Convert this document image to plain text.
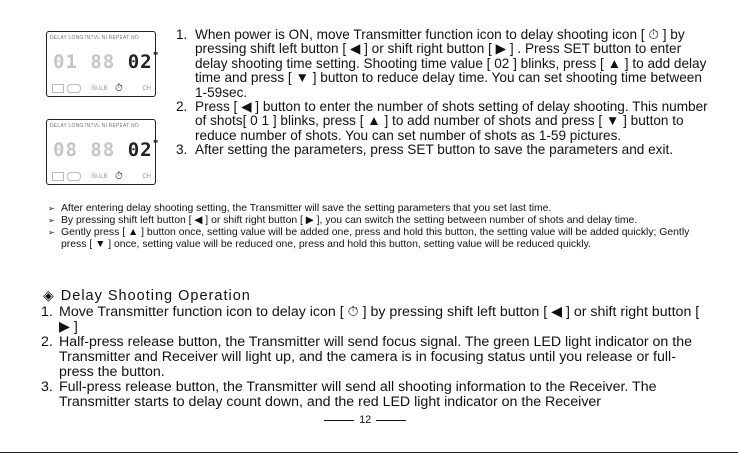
DELAY LONG INTVL NI REPEAT NO
01 88 02"
BULB ⏱	CH
DELAY LONG INTVL NI REPEAT NO
08 88 02"
BULB ⏱	CH
1. When power is ON, move Transmitter function icon to delay shooting icon [ ⏱ ] by pressing shift left button [ ◀ ] or shift right button [ ▶ ] . Press SET button to enter delay shooting time setting. Shooting time value [ 02 ] blinks, press [ ▲ ] to add delay time and press [ ▼ ] button to reduce delay time. You can set shooting time between 1-59sec.
2. Press [ ◀ ] button to enter the number of shots setting of delay shooting. This number of shots[ 0 1 ] blinks, press [ ▲ ] to add number of shots and press [ ▼ ] button to reduce number of shots. You can set number of shots as 1-59 pictures.
3. After setting the parameters, press SET button to save the parameters and exit.
➢ After entering delay shooting setting, the Transmitter will save the setting parameters that you set last time.
➢ By pressing shift left button [ ◀ ] or shift right button [ ▶ ], you can switch the setting between number of shots and delay time.
➢ Gently press [ ▲ ] button once, setting value will be added one, press and hold this button, the setting value will be added quickly; Gently press [ ▼ ] once, setting value will be reduced one, press and hold this button, setting value will be reduced quickly.
◈ Delay Shooting Operation
1. Move Transmitter function icon to delay icon [ ⏱ ] by pressing shift left button [ ◀ ] or shift right button [ ▶ ]
2. Half-press release button, the Transmitter will send focus signal. The green LED light indicator on the Transmitter and Receiver will light up, and the camera is in focusing status until you release or full-press the button.
3. Full-press release button, the Transmitter will send all shooting information to the Receiver. The Transmitter starts to delay count down, and the red LED light indicator on the Receiver
12
